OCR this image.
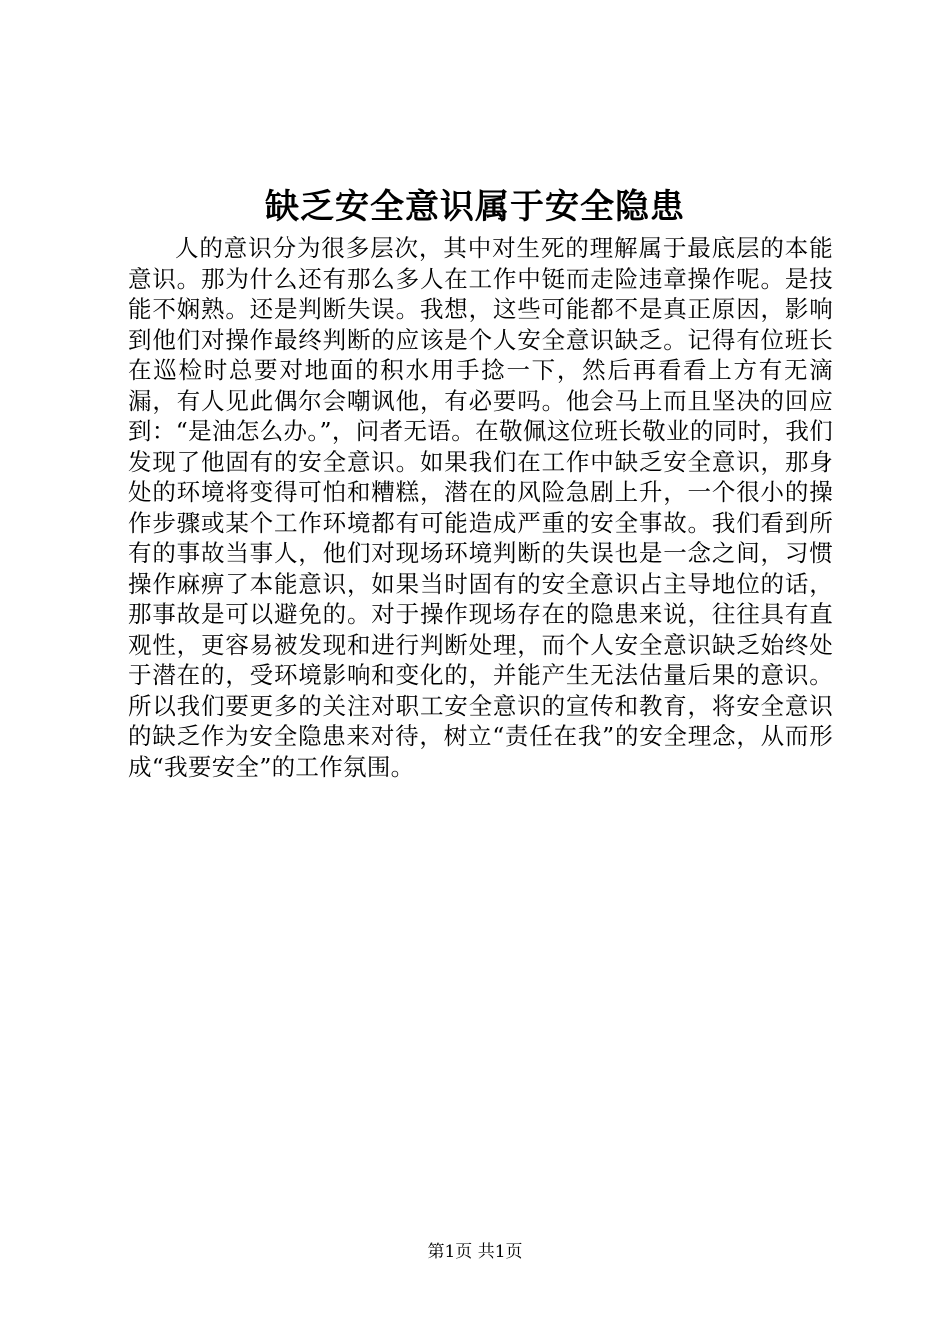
缺乏安全意识属于安全隐患

人的意识分为很多层次，其中对生死的理解属于最底层的本能意识。那为什么还有那么多人在工作中铤而走险违章操作呢。是技能不娴熟。还是判断失误。我想，这些可能都不是真正原因，影响到他们对操作最终判断的应该是个人安全意识缺乏。记得有位班长在巡检时总要对地面的积水用手捻一下，然后再看看上方有无滴漏，有人见此偶尔会嘲讽他，有必要吗。他会马上而且坚决的回应到：“是油怎么办。”，问者无语。在敬佩这位班长敬业的同时，我们发现了他固有的安全意识。如果我们在工作中缺乏安全意识，那身处的环境将变得可怕和糟糕，潜在的风险急剧上升，一个很小的操作步骤或某个工作环境都有可能造成严重的安全事故。我们看到所有的事故当事人，他们对现场环境判断的失误也是一念之间，习惯操作麻痹了本能意识，如果当时固有的安全意识占主导地位的话，那事故是可以避免的。对于操作现场存在的隐患来说，往往具有直观性，更容易被发现和进行判断处理，而个人安全意识缺乏始终处于潜在的，受环境影响和变化的，并能产生无法估量后果的意识。所以我们要更多的关注对职工安全意识的宣传和教育，将安全意识的缺乏作为安全隐患来对待，树立“责任在我”的安全理念，从而形成“我要安全”的工作氛围。

第1页 共1页
